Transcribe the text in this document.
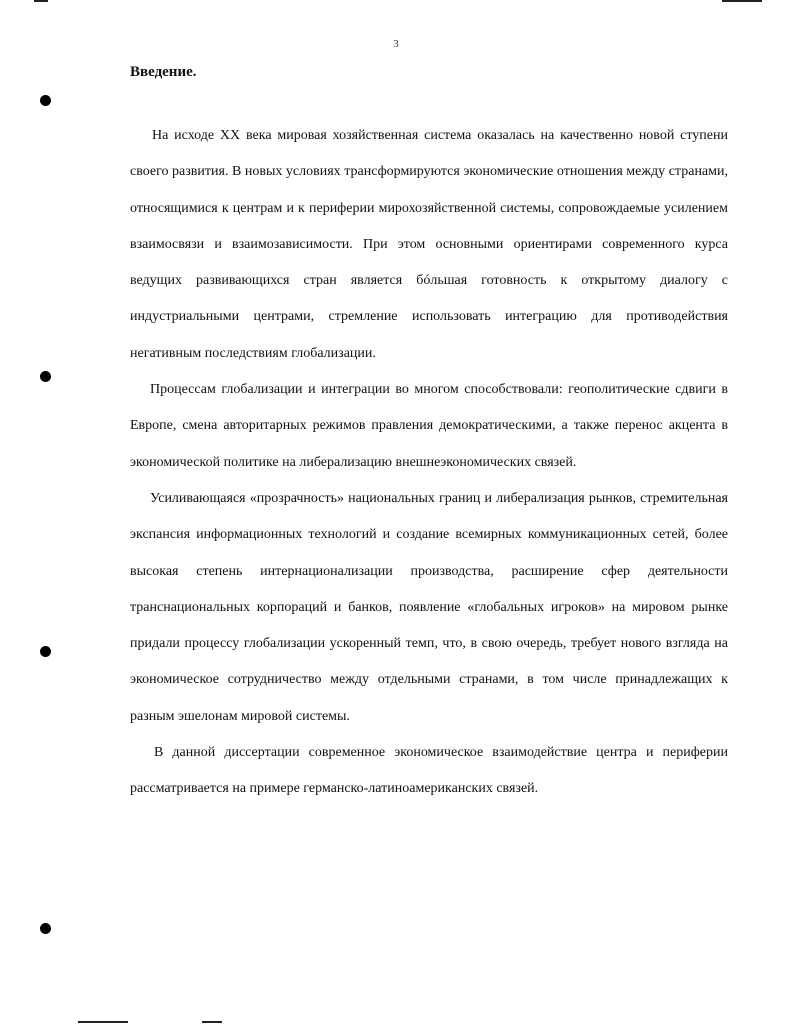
3
Введение.

На исходе XX века мировая хозяйственная система оказалась на качественно новой ступени своего развития. В новых условиях трансформируются экономические отношения между странами, относящимися к центрам и к периферии мирохозяйственной системы, сопровождаемые усилением взаимосвязи и взаимозависимости. При этом основными ориентирами современного курса ведущих развивающихся стран является бóльшая готовность к открытому диалогу с индустриальными центрами, стремление использовать интеграцию для противодействия негативным последствиям глобализации.

Процессам глобализации и интеграции во многом способствовали: геополитические сдвиги в Европе, смена авторитарных режимов правления демократическими, а также перенос акцента в экономической политике на либерализацию внешнеэкономических связей.

Усиливающаяся «прозрачность» национальных границ и либерализация рынков, стремительная экспансия информационных технологий и создание всемирных коммуникационных сетей, более высокая степень интернационализации производства, расширение сфер деятельности транснациональных корпораций и банков, появление «глобальных игроков» на мировом рынке придали процессу глобализации ускоренный темп, что, в свою очередь, требует нового взгляда на экономическое сотрудничество между отдельными странами, в том числе принадлежащих к разным эшелонам мировой системы.

В данной диссертации современное экономическое взаимодействие центра и периферии рассматривается на примере германско-латиноамериканских связей.
